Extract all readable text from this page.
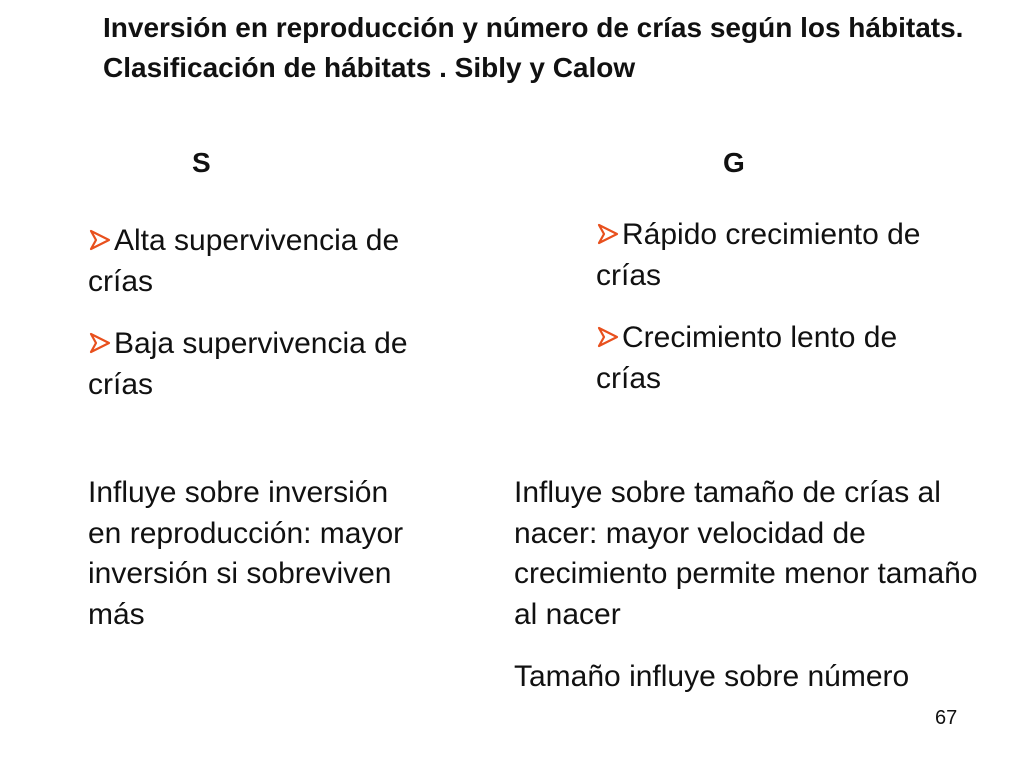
Inversión en reproducción y número de crías según los hábitats. Clasificación de hábitats . Sibly y Calow
S	G
Alta supervivencia de crías
Baja supervivencia de crías
Rápido crecimiento de crías
Crecimiento lento de crías

Influye sobre inversión en reproducción: mayor inversión si sobreviven más

Influye sobre tamaño de crías al nacer: mayor velocidad de crecimiento permite menor tamaño al nacer

Tamaño influye sobre número

67
